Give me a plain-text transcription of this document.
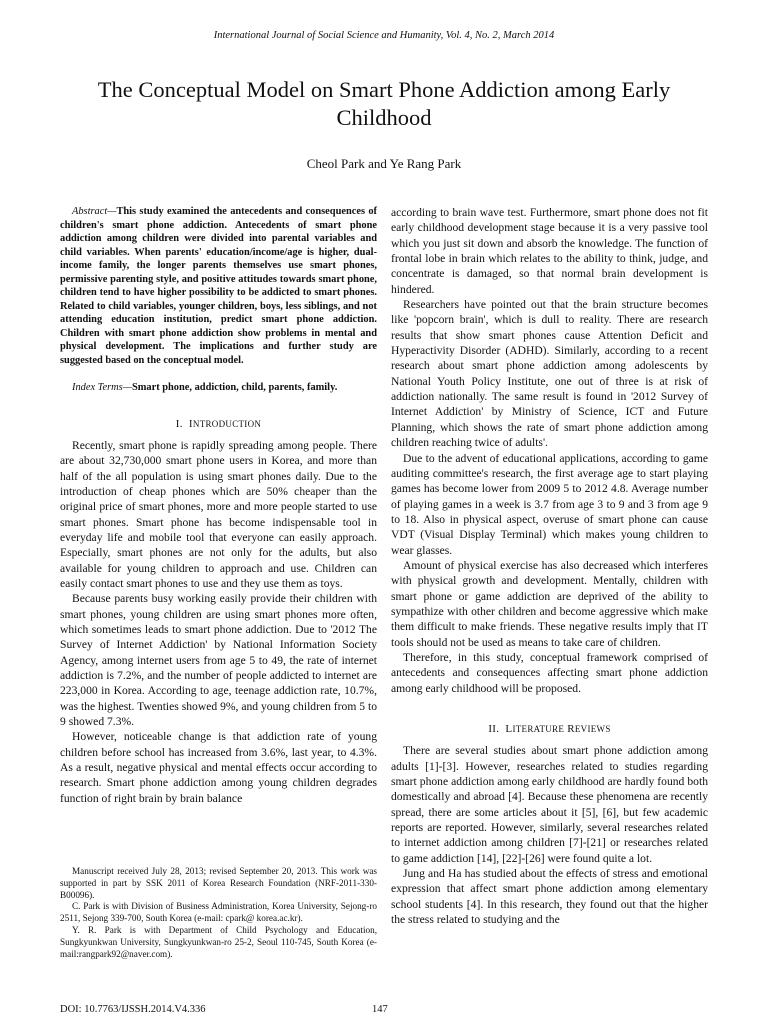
International Journal of Social Science and Humanity, Vol. 4, No. 2, March 2014
The Conceptual Model on Smart Phone Addiction among Early Childhood
Cheol Park and Ye Rang Park

Abstract—This study examined the antecedents and consequences of children's smart phone addiction. Antecedents of smart phone addiction among children were divided into parental variables and child variables. When parents' education/income/age is higher, dual-income family, the longer parents themselves use smart phones, permissive parenting style, and positive attitudes towards smart phone, children tend to have higher possibility to be addicted to smart phones. Related to child variables, younger children, boys, less siblings, and not attending education institution, predict smart phone addiction. Children with smart phone addiction show problems in mental and physical development. The implications and further study are suggested based on the conceptual model.

Index Terms—Smart phone, addiction, child, parents, family.

I. INTRODUCTION

Recently, smart phone is rapidly spreading among people. There are about 32,730,000 smart phone users in Korea, and more than half of the all population is using smart phones daily. Due to the introduction of cheap phones which are 50% cheaper than the original price of smart phones, more and more people started to use smart phones. Smart phone has become indispensable tool in everyday life and mobile tool that everyone can easily approach. Especially, smart phones are not only for the adults, but also available for young children to approach and use. Children can easily contact smart phones to use and they use them as toys.

Because parents busy working easily provide their children with smart phones, young children are using smart phones more often, which sometimes leads to smart phone addiction. Due to '2012 The Survey of Internet Addiction' by National Information Society Agency, among internet users from age 5 to 49, the rate of internet addiction is 7.2%, and the number of people addicted to internet are 223,000 in Korea. According to age, teenage addiction rate, 10.7%, was the highest. Twenties showed 9%, and young children from 5 to 9 showed 7.3%.

However, noticeable change is that addiction rate of young children before school has increased from 3.6%, last year, to 4.3%. As a result, negative physical and mental effects occur according to research. Smart phone addiction among young children degrades function of right brain by brain balance

according to brain wave test. Furthermore, smart phone does not fit early childhood development stage because it is a very passive tool which you just sit down and absorb the knowledge. The function of frontal lobe in brain which relates to the ability to think, judge, and concentrate is damaged, so that normal brain development is hindered.

Researchers have pointed out that the brain structure becomes like 'popcorn brain', which is dull to reality. There are research results that show smart phones cause Attention Deficit and Hyperactivity Disorder (ADHD). Similarly, according to a recent research about smart phone addiction among adolescents by National Youth Policy Institute, one out of three is at risk of addiction nationally. The same result is found in '2012 Survey of Internet Addiction' by Ministry of Science, ICT and Future Planning, which shows the rate of smart phone addiction among children reaching twice of adults'.

Due to the advent of educational applications, according to game auditing committee's research, the first average age to start playing games has become lower from 2009 5 to 2012 4.8. Average number of playing games in a week is 3.7 from age 3 to 9 and 3 from age 9 to 18. Also in physical aspect, overuse of smart phone can cause VDT (Visual Display Terminal) which makes young children to wear glasses.

Amount of physical exercise has also decreased which interferes with physical growth and development. Mentally, children with smart phone or game addiction are deprived of the ability to sympathize with other children and become aggressive which make them difficult to make friends. These negative results imply that IT tools should not be used as means to take care of children.

Therefore, in this study, conceptual framework comprised of antecedents and consequences affecting smart phone addiction among early childhood will be proposed.

II. LITERATURE REVIEWS

There are several studies about smart phone addiction among adults [1]-[3]. However, researches related to studies regarding smart phone addiction among early childhood are hardly found both domestically and abroad [4]. Because these phenomena are recently spread, there are some articles about it [5], [6], but few academic reports are reported. However, similarly, several researches related to internet addiction among children [7]-[21] or researches related to game addiction [14], [22]-[26] were found quite a lot.

Jung and Ha has studied about the effects of stress and emotional expression that affect smart phone addiction among elementary school students [4]. In this research, they found out that the higher the stress related to studying and the

Manuscript received July 28, 2013; revised September 20, 2013. This work was supported in part by SSK 2011 of Korea Research Foundation (NRF-2011-330-B00096).

C. Park is with Division of Business Administration, Korea University, Sejong-ro 2511, Sejong 339-700, South Korea (e-mail: cpark@ korea.ac.kr).

Y. R. Park is with Department of Child Psychology and Education, Sungkyunkwan University, Sungkyunkwan-ro 25-2, Seoul 110-745, South Korea (e-mail:rangpark92@naver.com).

DOI: 10.7763/IJSSH.2014.V4.336	147
